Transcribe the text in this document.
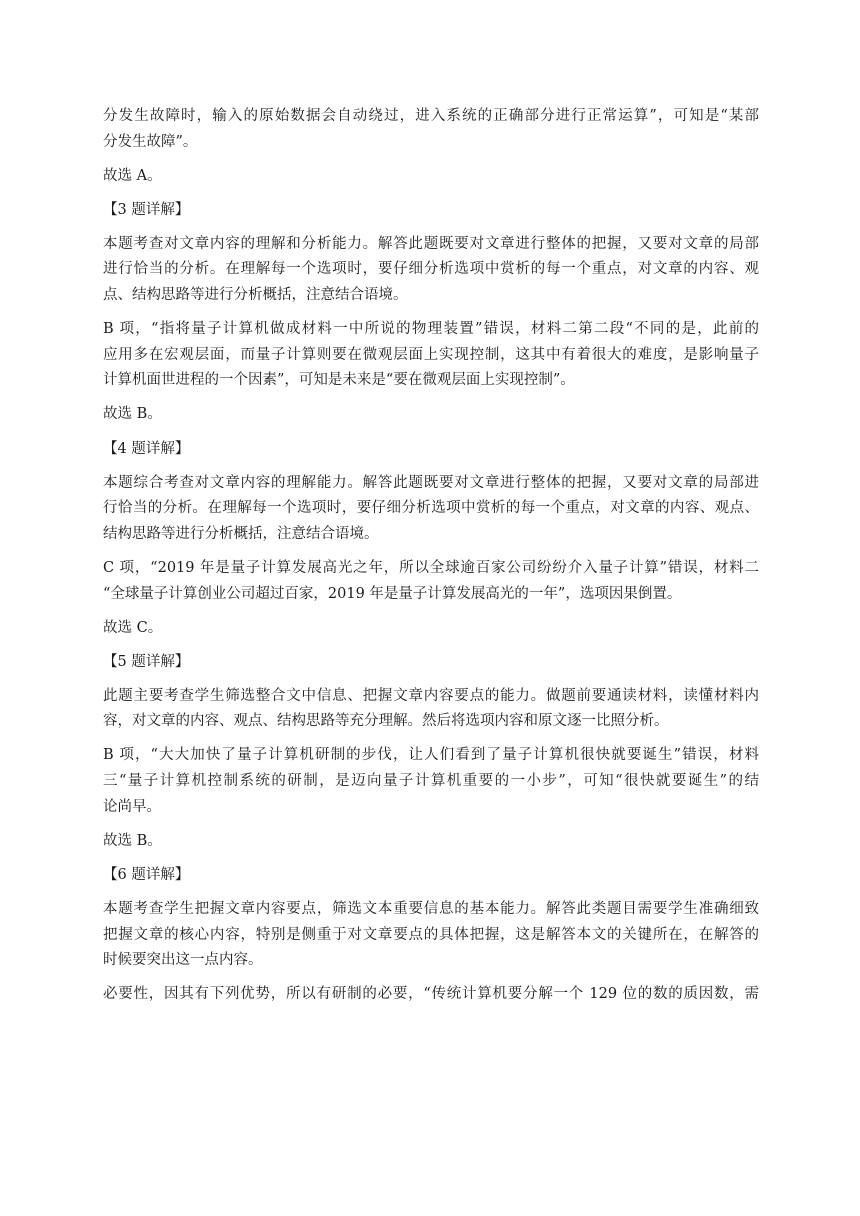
分发生故障时，输入的原始数据会自动绕过，进入系统的正确部分进行正常运算”，可知是“某部
分发生故障”。
故选 A。
【3 题详解】
本题考查对文章内容的理解和分析能力。解答此题既要对文章进行整体的把握，又要对文章的局部
进行恰当的分析。在理解每一个选项时，要仔细分析选项中赏析的每一个重点，对文章的内容、观
点、结构思路等进行分析概括，注意结合语境。
B 项，“指将量子计算机做成材料一中所说的物理装置”错误，材料二第二段“不同的是，此前的
应用多在宏观层面，而量子计算则要在微观层面上实现控制，这其中有着很大的难度，是影响量子
计算机面世进程的一个因素”，可知是未来是“要在微观层面上实现控制”。
故选 B。
【4 题详解】
本题综合考查对文章内容的理解能力。解答此题既要对文章进行整体的把握，又要对文章的局部进
行恰当的分析。在理解每一个选项时，要仔细分析选项中赏析的每一个重点，对文章的内容、观点、
结构思路等进行分析概括，注意结合语境。
C 项，“2019 年是量子计算发展高光之年，所以全球逾百家公司纷纷介入量子计算”错误，材料二
“全球量子计算创业公司超过百家，2019 年是量子计算发展高光的一年”，选项因果倒置。
故选 C。
【5 题详解】
此题主要考查学生筛选整合文中信息、把握文章内容要点的能力。做题前要通读材料，读懂材料内
容，对文章的内容、观点、结构思路等充分理解。然后将选项内容和原文逐一比照分析。
B 项，“大大加快了量子计算机研制的步伐，让人们看到了量子计算机很快就要诞生”错误，材料
三“量子计算机控制系统的研制，是迈向量子计算机重要的一小步”，可知“很快就要诞生”的结
论尚早。
故选 B。
【6 题详解】
本题考查学生把握文章内容要点，筛选文本重要信息的基本能力。解答此类题目需要学生准确细致
把握文章的核心内容，特别是侧重于对文章要点的具体把握，这是解答本文的关键所在，在解答的
时候要突出这一点内容。
必要性，因其有下列优势，所以有研制的必要，“传统计算机要分解一个 129 位的数的质因数，需
